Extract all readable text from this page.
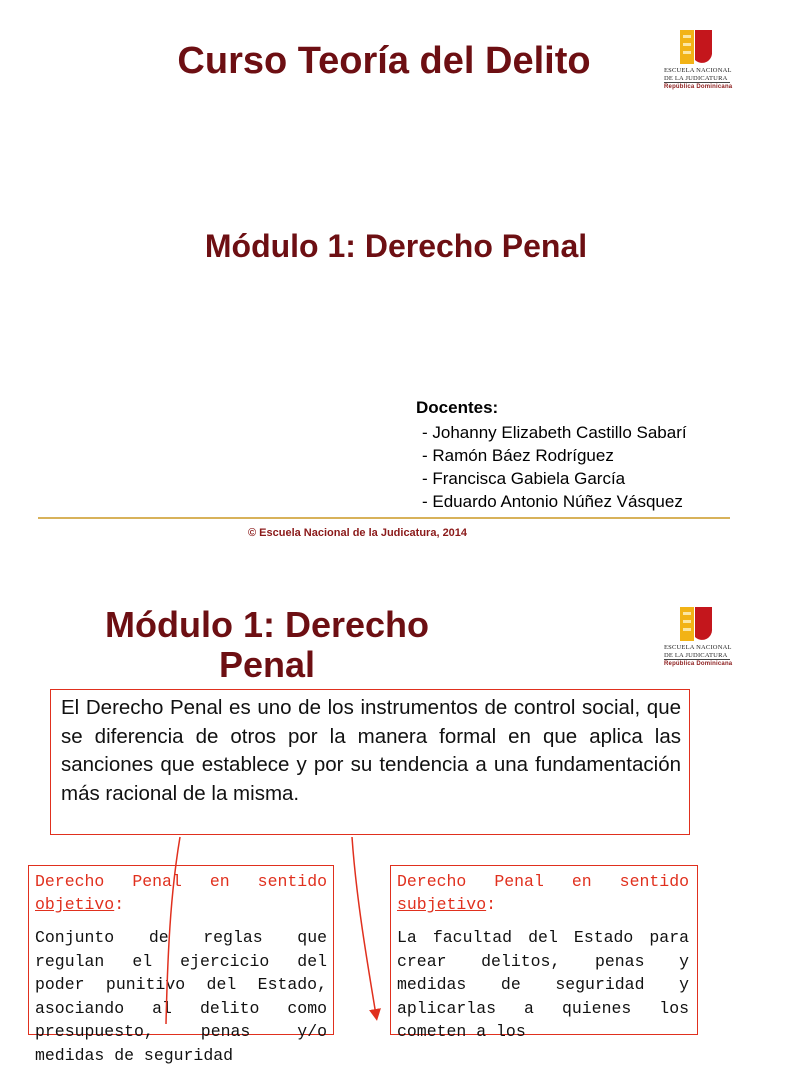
Curso Teoría del Delito	ESCUELA NACIONAL
DE LA JUDICATURA
República Dominicana
Módulo 1: Derecho Penal
Docentes:
- Johanny Elizabeth Castillo Sabarí
- Ramón Báez Rodríguez
- Francisca Gabiela García
- Eduardo Antonio Núñez Vásquez
© Escuela Nacional de la Judicatura, 2014
Módulo 1: Derecho
Penal	ESCUELA NACIONAL
DE LA JUDICATURA
República Dominicana
El Derecho Penal es uno de los instrumentos de control social, que se diferencia de otros por la manera formal en que aplica las sanciones que establece y por su tendencia a una fundamentación más racional de la misma.
Derecho Penal en sentido objetivo:
Conjunto de reglas que regulan el ejercicio del poder punitivo del Estado, asociando al delito como presupuesto, penas y/o medidas de seguridad
Derecho Penal en sentido subjetivo:
La facultad del Estado para crear delitos, penas y medidas de seguridad y aplicarlas a quienes los cometen a los
